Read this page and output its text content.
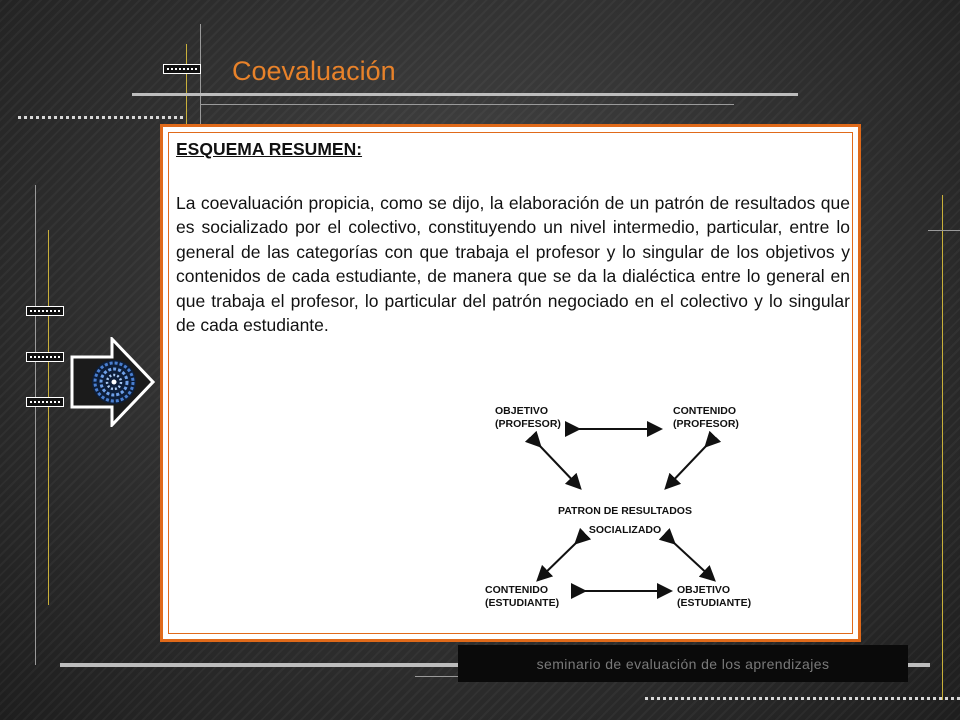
Coevaluación
ESQUEMA RESUMEN:
La coevaluación propicia, como se dijo, la elaboración de un patrón de resultados que es socializado por el colectivo, constituyendo un nivel intermedio, particular, entre lo general de las categorías con que trabaja el profesor y lo singular de los objetivos y contenidos de cada estudiante, de manera que se da la dialéctica entre lo general en que trabaja el profesor, lo particular del patrón negociado en el colectivo y lo singular de cada estudiante.
OBJETIVO
(PROFESOR)
CONTENIDO
(PROFESOR)
PATRON DE RESULTADOS
SOCIALIZADO
CONTENIDO
(ESTUDIANTE)
OBJETIVO
(ESTUDIANTE)
seminario de evaluación de los aprendizajes
